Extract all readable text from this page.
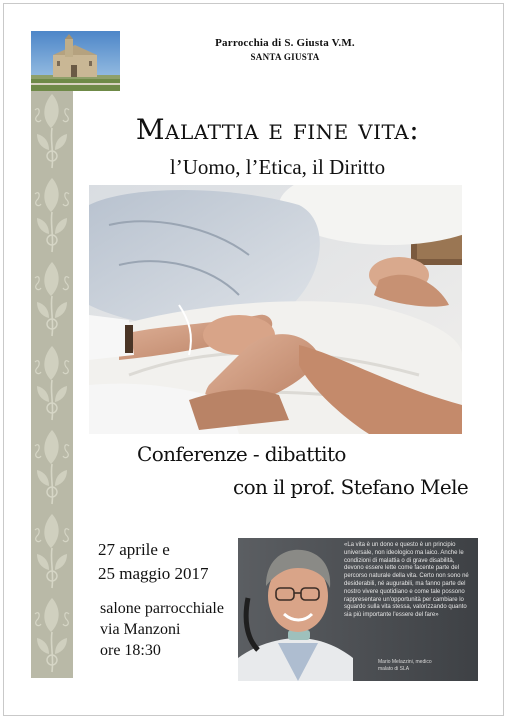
Parrocchia di S. Giusta V.M.
SANTA GIUSTA
Malattia e fine vita:
l’Uomo, l’Etica, il Diritto
Conferenze - dibattito
con il prof. Stefano Mele
27 aprile e
25 maggio 2017
salone parrocchiale
via Manzoni
ore 18:30
«La vita è un dono e questo è un principio universale, non ideologico ma laico. Anche le condizioni di malattia o di grave disabilità, devono essere lette come facente parte del percorso naturale della vita. Certo non sono né desiderabili, né augurabili, ma fanno parte del nostro vivere quotidiano e come tale possono rappresentare un'opportunità per cambiare lo sguardo sulla vita stessa, valorizzando quanto sia più importante l'essere del fare»
Mario Melazzini, medico
malato di SLA
